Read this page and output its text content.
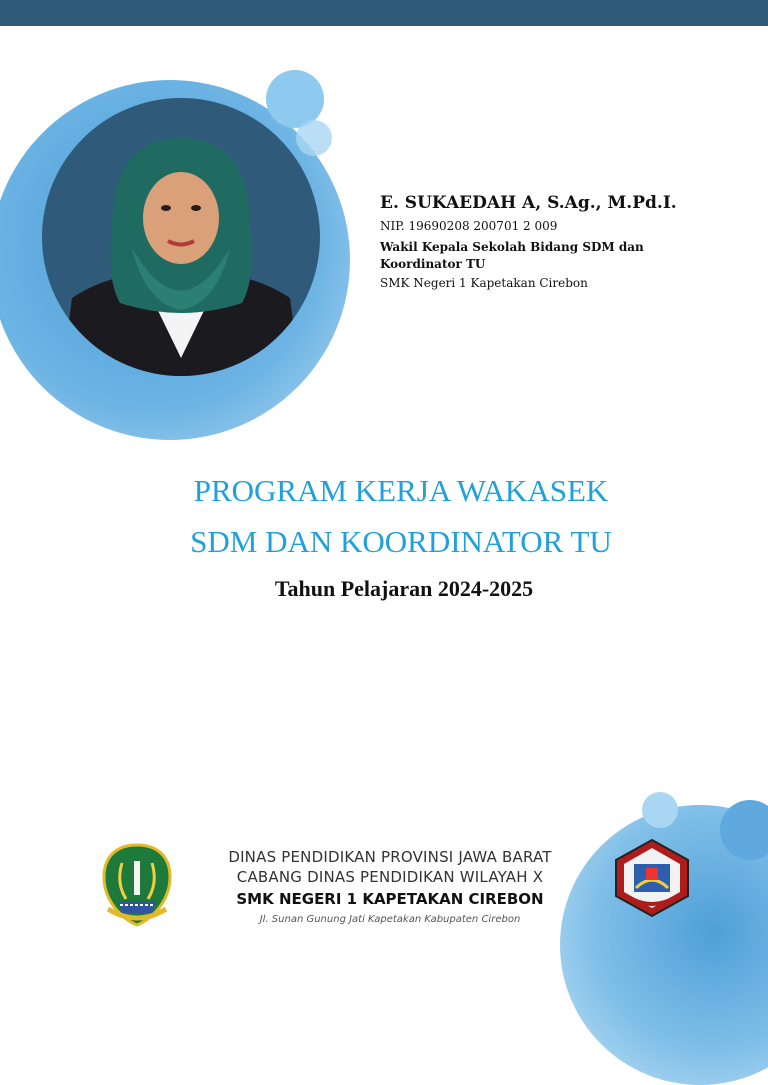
E. SUKAEDAH A, S.Ag., M.Pd.I.
NIP. 19690208 200701 2 009
Wakil Kepala Sekolah Bidang SDM dan Koordinator TU
SMK Negeri 1 Kapetakan Cirebon
PROGRAM KERJA WAKASEK
SDM DAN KOORDINATOR TU
Tahun Pelajaran 2024-2025
DINAS PENDIDIKAN PROVINSI JAWA BARAT
CABANG DINAS PENDIDIKAN WILAYAH X
SMK NEGERI 1 KAPETAKAN CIREBON
Jl. Sunan Gunung Jati Kapetakan Kabupaten Cirebon
